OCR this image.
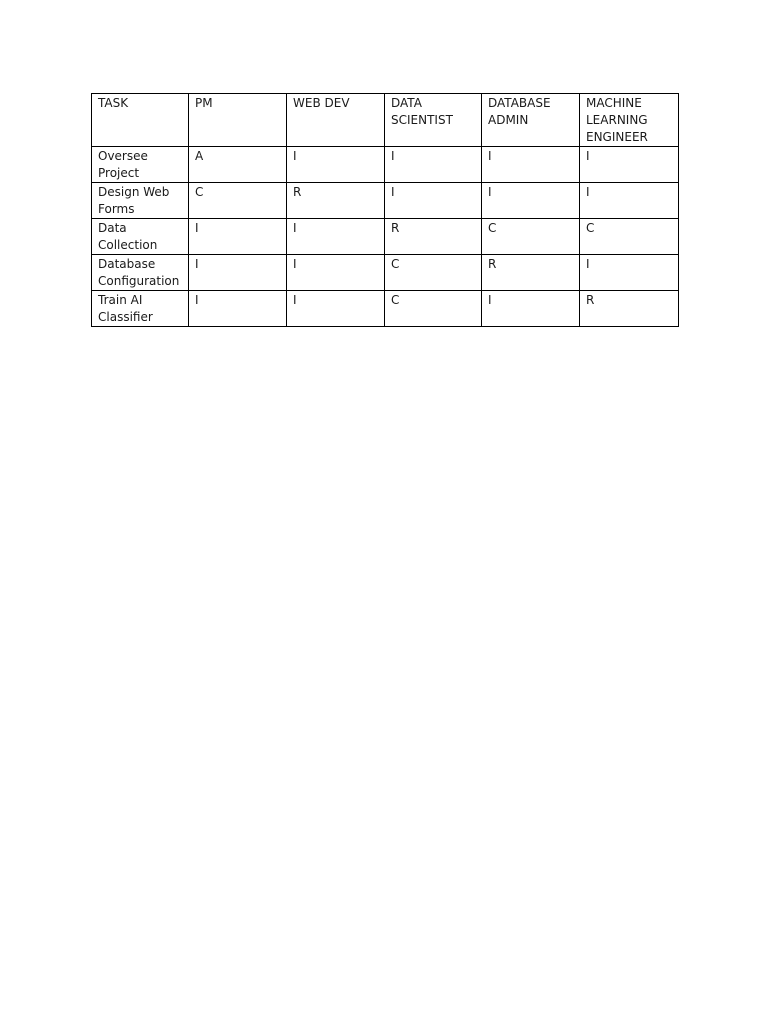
TASK	PM	WEB DEV	DATA SCIENTIST	DATABASE ADMIN	MACHINE LEARNING ENGINEER
Oversee Project	A	I	I	I	I
Design Web Forms	C	R	I	I	I
Data Collection	I	I	R	C	C
Database Configuration	I	I	C	R	I
Train AI Classifier	I	I	C	I	R
